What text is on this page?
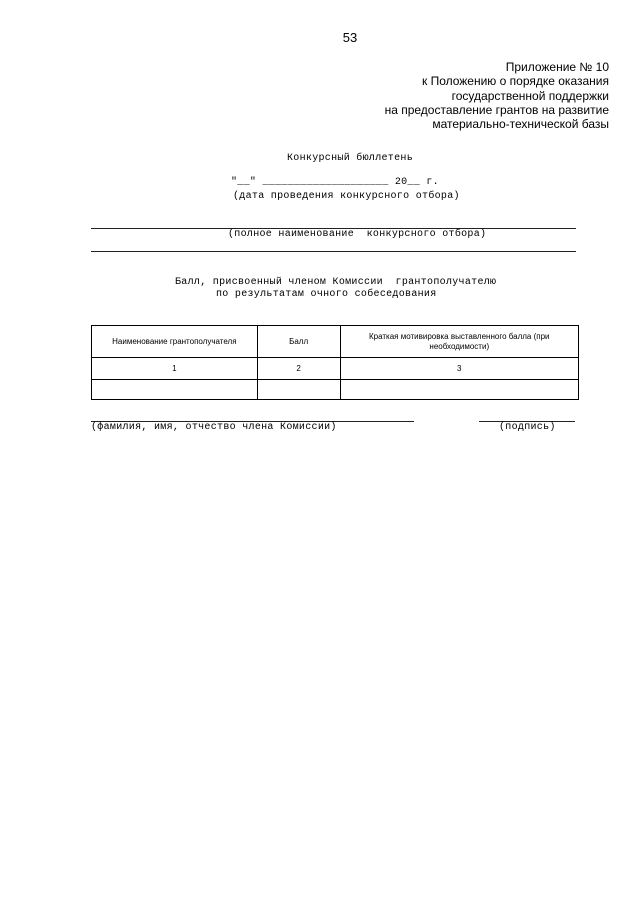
53
Приложение № 10
к Положению о порядке оказания
государственной поддержки
на предоставление грантов на развитие
материально-технической базы
Конкурсный бюллетень
"__" ____________________ 20__ г.
(дата проведения конкурсного отбора)
(полное наименование  конкурсного отбора)
Балл, присвоенный членом Комиссии  грантополучателю
по результатам очного собеседования
Наименование грантополучателя	Балл	Краткая мотивировка выставленного балла (при необходимости)
1	2	3

(фамилия, имя, отчество члена Комиссии)	(подпись)
